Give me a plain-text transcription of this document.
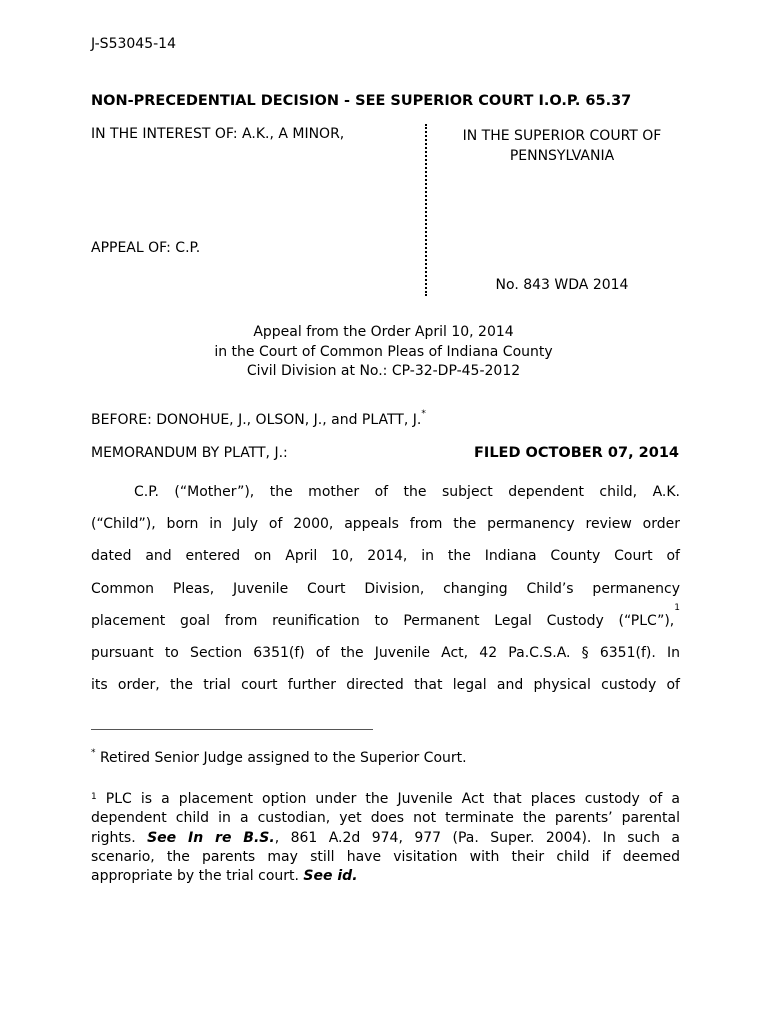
J-S53045-14
NON-PRECEDENTIAL DECISION - SEE SUPERIOR COURT I.O.P. 65.37
IN THE INTEREST OF: A.K., A MINOR,
APPEAL OF: C.P.
IN THE SUPERIOR COURT OF
PENNSYLVANIA
No. 843 WDA 2014
Appeal from the Order April 10, 2014
in the Court of Common Pleas of Indiana County
Civil Division at No.: CP-32-DP-45-2012
BEFORE: DONOHUE, J., OLSON, J., and PLATT, J.*
MEMORANDUM BY PLATT, J.:	FILED OCTOBER 07, 2014
C.P. (“Mother”), the mother of the subject dependent child, A.K.
(“Child”), born in July of 2000, appeals from the permanency review order
dated and entered on April 10, 2014, in the Indiana County Court of
Common Pleas, Juvenile Court Division, changing Child’s permanency
placement goal from reunification to Permanent Legal Custody (“PLC”),$^1$
pursuant to Section 6351(f) of the Juvenile Act, 42 Pa.C.S.A. § 6351(f). In
its order, the trial court further directed that legal and physical custody of
* Retired Senior Judge assigned to the Superior Court.
$^1$ PLC is a placement option under the Juvenile Act that places custody of a
dependent child in a custodian, yet does not terminate the parents’ parental
rights. See In re B.S., 861 A.2d 974, 977 (Pa. Super. 2004). In such a
scenario, the parents may still have visitation with their child if deemed
appropriate by the trial court. See id.
